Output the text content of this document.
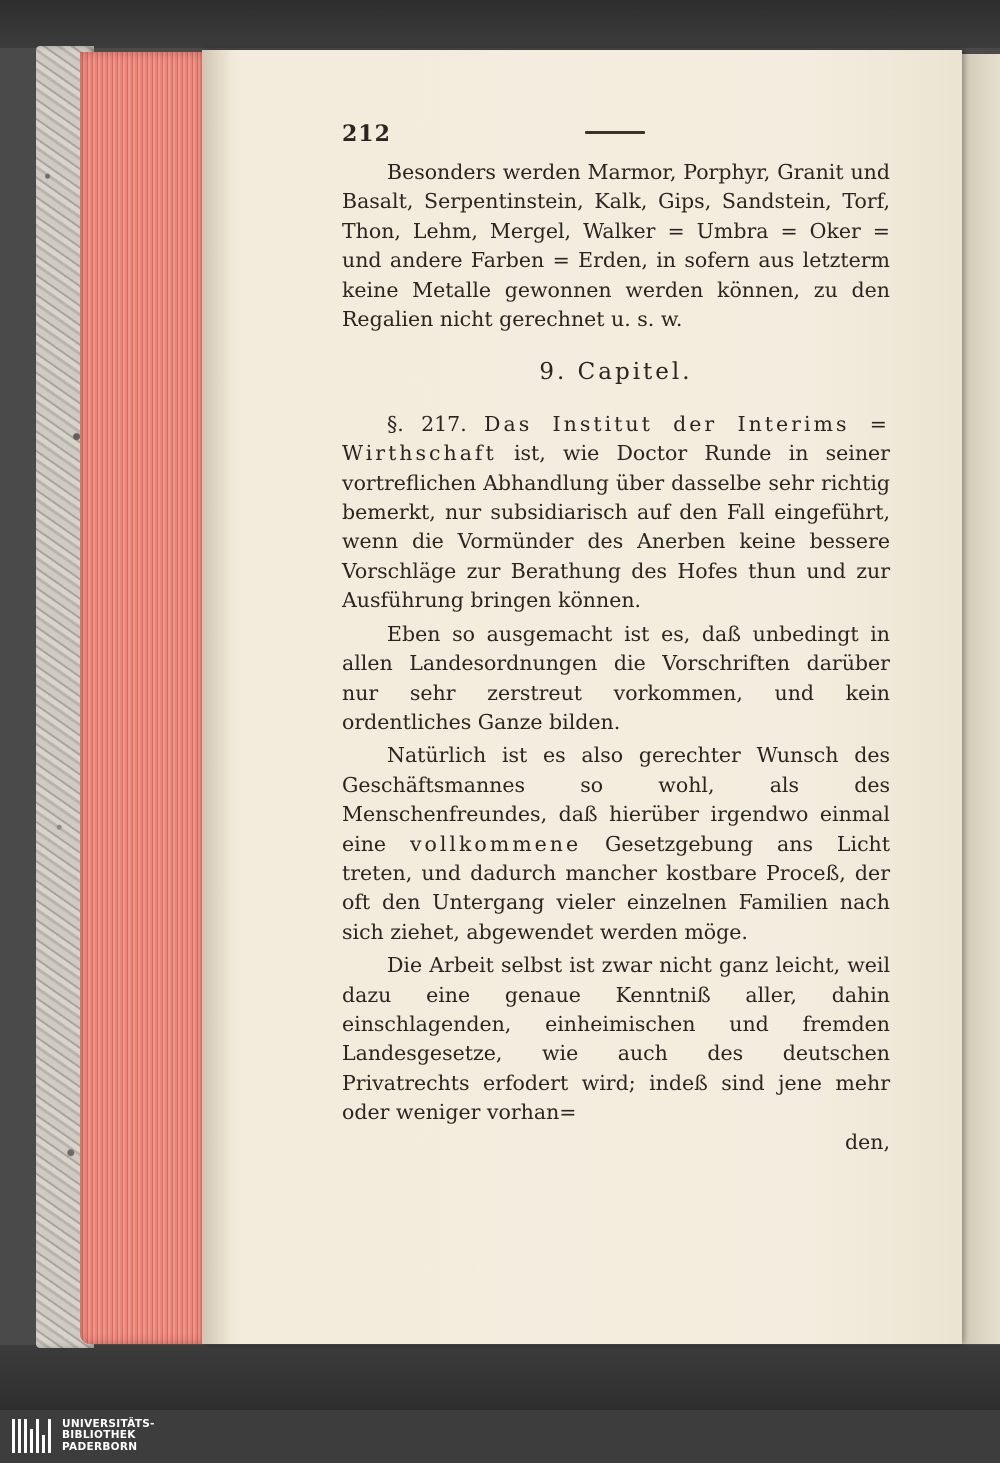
212

Besonders werden Marmor, Porphyr, Granit und Basalt, Serpentinstein, Kalk, Gips, Sandstein, Torf, Thon, Lehm, Mergel, Walker = Umbra = Oker = und andere Farben = Erden, in sofern aus letzterm keine Metalle gewonnen werden können, zu den Regalien nicht gerechnet u. s. w.

9. Capitel.

§. 217. Das Institut der Interims = Wirthschaft ist, wie Doctor Runde in seiner vortreflichen Abhandlung über dasselbe sehr richtig bemerkt, nur subsidiarisch auf den Fall eingeführt, wenn die Vormünder des Anerben keine bessere Vorschläge zur Berathung des Hofes thun und zur Ausführung bringen können.

Eben so ausgemacht ist es, daß unbedingt in allen Landesordnungen die Vorschriften darüber nur sehr zerstreut vorkommen, und kein ordentliches Ganze bilden.

Natürlich ist es also gerechter Wunsch des Geschäftsmannes so wohl, als des Menschenfreundes, daß hierüber irgendwo einmal eine vollkommene Gesetzgebung ans Licht treten, und dadurch mancher kostbare Proceß, der oft den Untergang vieler einzelnen Familien nach sich ziehet, abgewendet werden möge.

Die Arbeit selbst ist zwar nicht ganz leicht, weil dazu eine genaue Kenntniß aller, dahin einschlagenden, einheimischen und fremden Landesgesetze, wie auch des deutschen Privatrechts erfodert wird; indeß sind jene mehr oder weniger vorhan=

den,

UNIVERSITÄTS-
BIBLIOTHEK
PADERBORN
